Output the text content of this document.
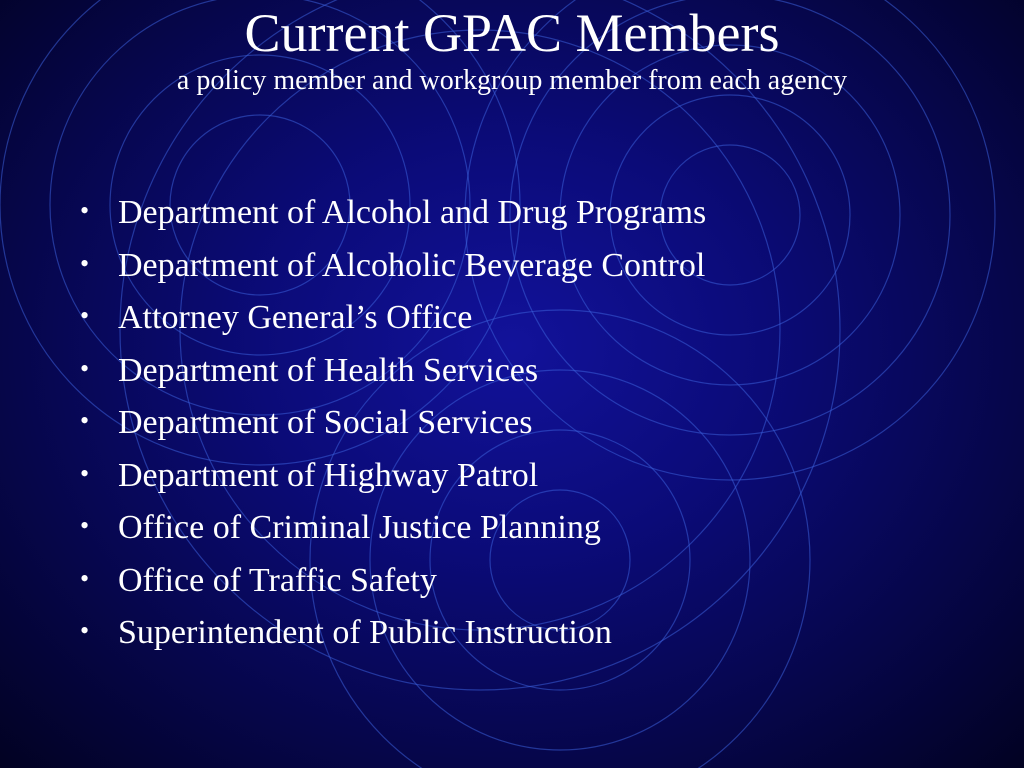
Current GPAC Members

a policy member and workgroup member from each agency

• Department of Alcohol and Drug Programs
• Department of Alcoholic Beverage Control
• Attorney General’s Office
• Department of Health Services
• Department of Social Services
• Department of Highway Patrol
• Office of Criminal Justice Planning
• Office of Traffic Safety
• Superintendent of Public Instruction
